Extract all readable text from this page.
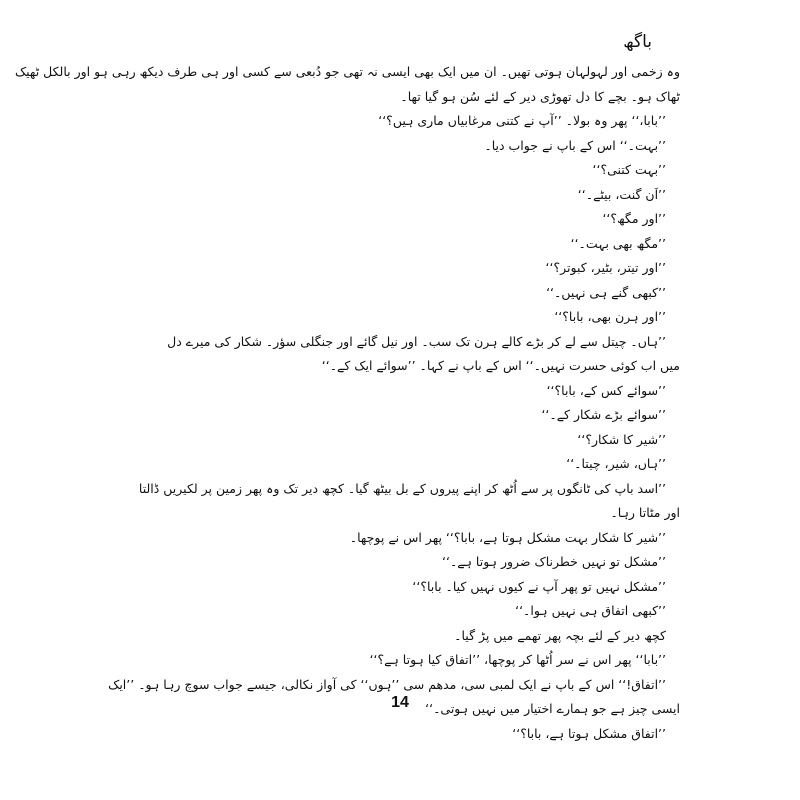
باگھ
وہ زخمی اور لہولہان ہوتی تھیں۔ ان میں ایک بھی ایسی نہ تھی جو دُبعی سے کسی اور ہی طرف دیکھ رہی ہو اور بالکل ٹھیک
ٹھاک ہو۔ بچے کا دل تھوڑی دیر کے لئے سُن ہو گیا تھا۔
’’بابا،‘‘ پھر وہ بولا۔ ’’آپ نے کتنی مرغابیاں ماری ہیں؟‘‘
’’بہت۔‘‘ اس کے باپ نے جواب دیا۔
’’بہت کتنی؟‘‘
’’اَن گنت، بیٹے۔‘‘
’’اور مگھ؟‘‘
’’مگھ بھی بہت۔‘‘
’’اور تیتر، بٹیر، کبوتر؟‘‘
’’کبھی گنے ہی نہیں۔‘‘
’’اور ہرن بھی، بابا؟‘‘
’’ہاں۔ چیتل سے لے کر بڑے کالے ہرن تک سب۔ اور نیل گائے اور جنگلی سؤر۔ شکار کی میرے دل
میں اب کوئی حسرت نہیں۔‘‘ اس کے باپ نے کہا۔ ’’سوائے ایک کے۔‘‘
’’سوائے کس کے، بابا؟‘‘
’’سوائے بڑے شکار کے۔‘‘
’’شیر کا شکار؟‘‘
’’ہاں، شیر، چیتا۔‘‘
’’اسد باپ کی ٹانگوں پر سے اُٹھ کر اپنے پیروں کے بل بیٹھ گیا۔ کچھ دیر تک وہ پھر زمین پر لکیریں ڈالتا
اور مٹاتا رہا۔
’’شیر کا شکار بہت مشکل ہوتا ہے، بابا؟‘‘ پھر اس نے پوچھا۔
’’مشکل تو نہیں خطرناک ضرور ہوتا ہے۔‘‘
’’مشکل نہیں تو پھر آپ نے کیوں نہیں کیا۔ بابا؟‘‘
’’کبھی اتفاق ہی نہیں ہوا۔‘‘
کچھ دیر کے لئے بچہ پھر تھمے میں پڑ گیا۔
’’بابا‘‘ پھر اس نے سر اُٹھا کر پوچھا، ’’اتفاق کیا ہوتا ہے؟‘‘
’’اتفاق!‘‘ اس کے باپ نے ایک لمبی سی، مدھم سی ’’ہوں‘‘ کی آواز نکالی، جیسے جواب سوچ رہا ہو۔ ’’ایک
ایسی چیز ہے جو ہمارے اختیار میں نہیں ہوتی۔‘‘
’’اتفاق مشکل ہوتا ہے، بابا؟‘‘
14
